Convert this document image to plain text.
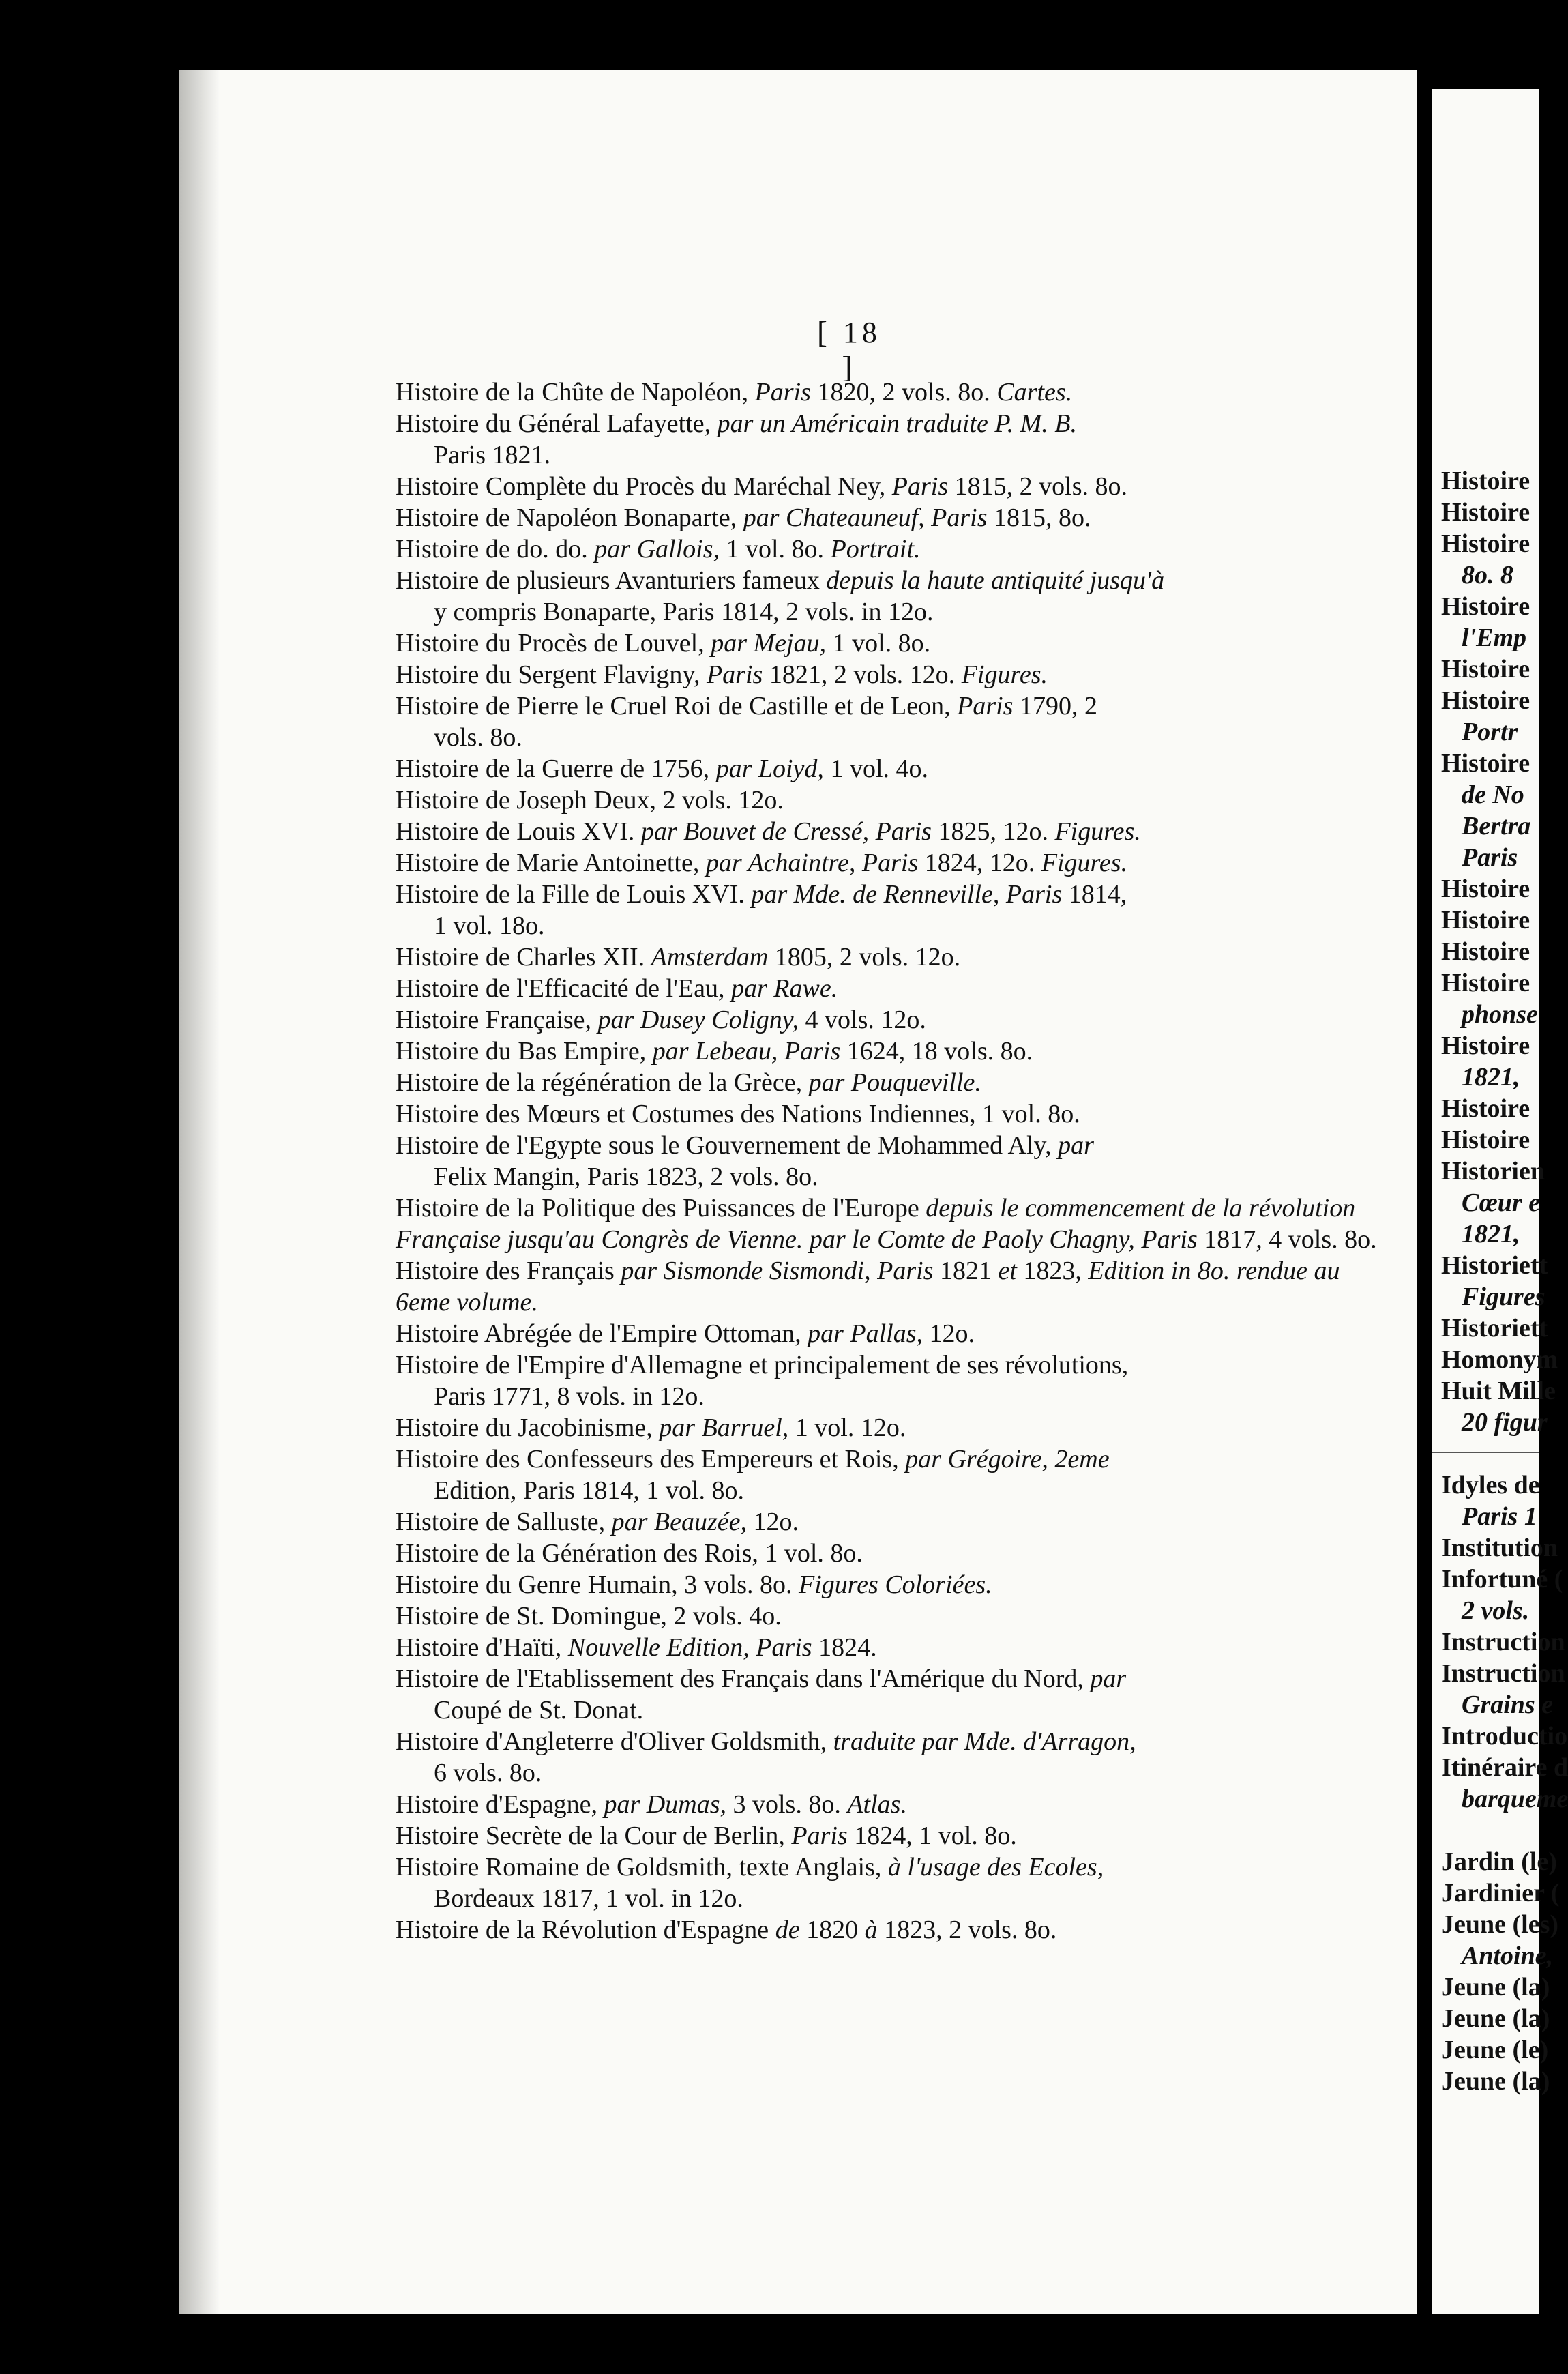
[ 18 ]

Histoire de la Chûte de Napoléon, Paris 1820, 2 vols. 8o. Cartes.

Histoire du Général Lafayette, par un Américain traduite P. M. B.
Paris 1821.

Histoire Complète du Procès du Maréchal Ney, Paris 1815, 2 vols. 8o.

Histoire de Napoléon Bonaparte, par Chateauneuf, Paris 1815, 8o.

Histoire de do. do. par Gallois, 1 vol. 8o. Portrait.

Histoire de plusieurs Avanturiers fameux depuis la haute antiquité jusqu'à
y compris Bonaparte, Paris 1814, 2 vols. in 12o.

Histoire du Procès de Louvel, par Mejau, 1 vol. 8o.

Histoire du Sergent Flavigny, Paris 1821, 2 vols. 12o. Figures.

Histoire de Pierre le Cruel Roi de Castille et de Leon, Paris 1790, 2
vols. 8o.

Histoire de la Guerre de 1756, par Loiyd, 1 vol. 4o.

Histoire de Joseph Deux, 2 vols. 12o.

Histoire de Louis XVI. par Bouvet de Cressé, Paris 1825, 12o. Figures.

Histoire de Marie Antoinette, par Achaintre, Paris 1824, 12o. Figures.

Histoire de la Fille de Louis XVI. par Mde. de Renneville, Paris 1814,
1 vol. 18o.

Histoire de Charles XII. Amsterdam 1805, 2 vols. 12o.

Histoire de l'Efficacité de l'Eau, par Rawe.

Histoire Française, par Dusey Coligny, 4 vols. 12o.

Histoire du Bas Empire, par Lebeau, Paris 1624, 18 vols. 8o.

Histoire de la régénération de la Grèce, par Pouqueville.

Histoire des Mœurs et Costumes des Nations Indiennes, 1 vol. 8o.

Histoire de l'Egypte sous le Gouvernement de Mohammed Aly, par
Felix Mangin, Paris 1823, 2 vols. 8o.

Histoire de la Politique des Puissances de l'Europe depuis le commencement de la révolution Française jusqu'au Congrès de Vienne. par le Comte de Paoly Chagny, Paris 1817, 4 vols. 8o.

Histoire des Français par Sismonde Sismondi, Paris 1821 et 1823, Edition in 8o. rendue au 6eme volume.

Histoire Abrégée de l'Empire Ottoman, par Pallas, 12o.

Histoire de l'Empire d'Allemagne et principalement de ses révolutions,
Paris 1771, 8 vols. in 12o.

Histoire du Jacobinisme, par Barruel, 1 vol. 12o.

Histoire des Confesseurs des Empereurs et Rois, par Grégoire, 2eme
Edition, Paris 1814, 1 vol. 8o.

Histoire de Salluste, par Beauzée, 12o.

Histoire de la Génération des Rois, 1 vol. 8o.

Histoire du Genre Humain, 3 vols. 8o. Figures Coloriées.

Histoire de St. Domingue, 2 vols. 4o.

Histoire d'Haïti, Nouvelle Edition, Paris 1824.

Histoire de l'Etablissement des Français dans l'Amérique du Nord, par
Coupé de St. Donat.

Histoire d'Angleterre d'Oliver Goldsmith, traduite par Mde. d'Arragon,
6 vols. 8o.

Histoire d'Espagne, par Dumas, 3 vols. 8o. Atlas.

Histoire Secrète de la Cour de Berlin, Paris 1824, 1 vol. 8o.

Histoire Romaine de Goldsmith, texte Anglais, à l'usage des Ecoles,
Bordeaux 1817, 1 vol. in 12o.

Histoire de la Révolution d'Espagne de 1820 à 1823, 2 vols. 8o.

Histoire
Histoire
Histoire
8o. 8
Histoire
l'Emp
Histoire
Histoire
Portr
Histoire
de No
Bertra
Paris
Histoire
Histoire
Histoire
Histoire
phonse
Histoire
1821,
Histoire
Histoire
Historien
Cœur e
1821,
Historiett
Figures
Historiett
Homonym
Huit Mille
20 figur
Idyles de
Paris 1
Institution
Infortuné (
2 vols.
Instruction
Instruction
Grains e
Introductio
Itinéraire d
barqueme
Jardin (le)
Jardinier (
Jeune (les)
Antoine,
Jeune (la)
Jeune (la)
Jeune (le)
Jeune (la)
